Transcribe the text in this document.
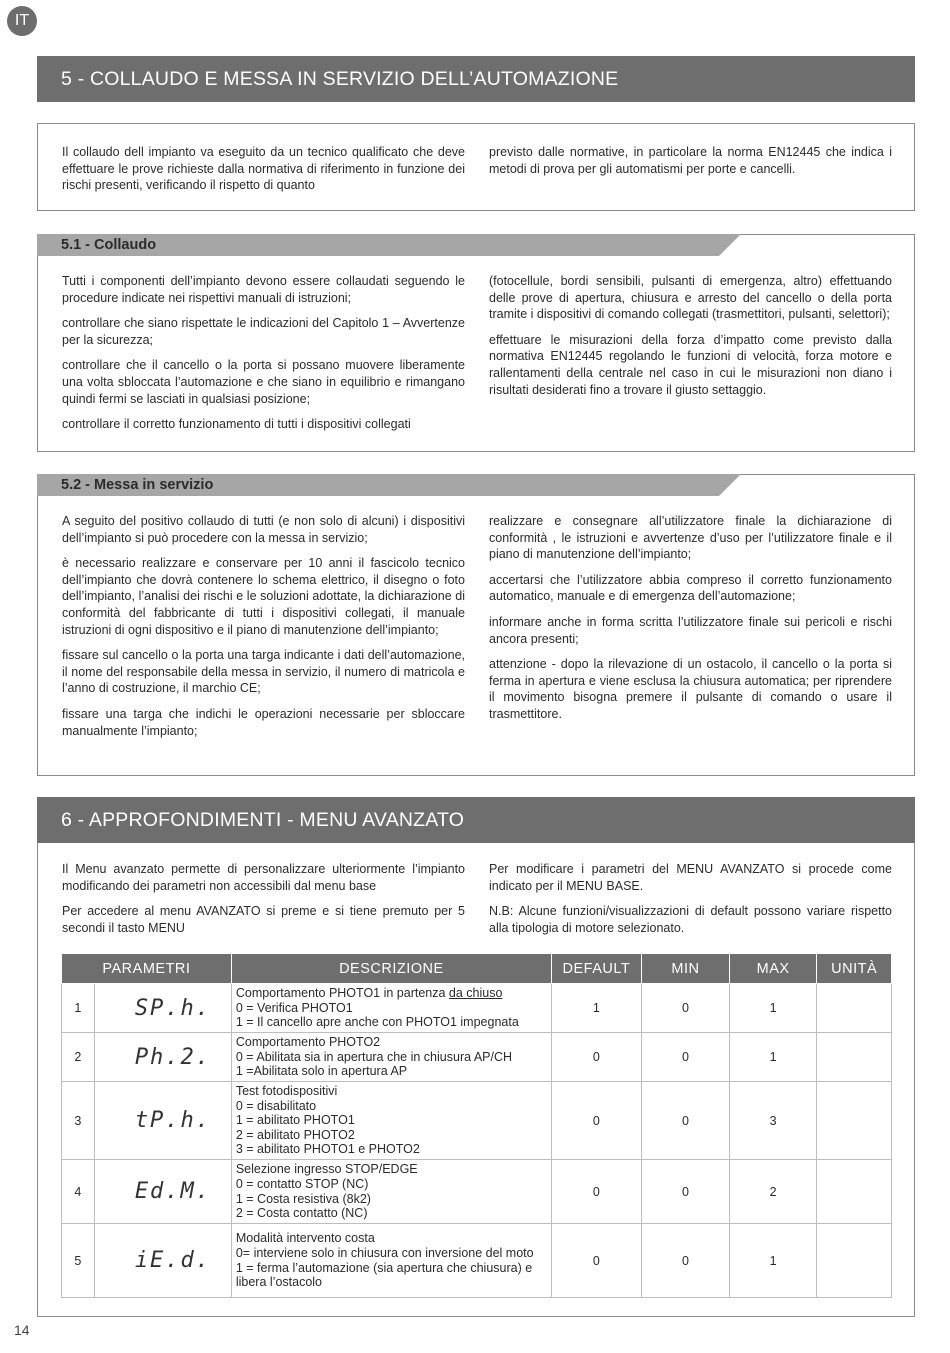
IT
5 - COLLAUDO E MESSA IN SERVIZIO DELL’AUTOMAZIONE

Il collaudo dell impianto va eseguito da un tecnico qualificato che deve effettuare le prove richieste dalla normativa di riferimento in funzione dei rischi presenti, verificando il rispetto di quanto

previsto dalle normative, in particolare la norma EN12445 che indica i metodi di prova per gli automatismi per porte e cancelli.

Tutti i componenti dell’impianto devono essere collaudati seguendo le procedure indicate nei rispettivi manuali di istruzioni;

controllare che siano rispettate le indicazioni del Capitolo 1 – Avvertenze per la sicurezza;

controllare che il cancello o la porta si possano muovere liberamente una volta sbloccata l’automazione e che siano in equilibrio e rimangano quindi fermi se lasciati in qualsiasi posizione;

controllare il corretto funzionamento di tutti i dispositivi collegati

(fotocellule, bordi sensibili, pulsanti di emergenza, altro) effettuando delle prove di apertura, chiusura e arresto del cancello o della porta tramite i dispositivi di comando collegati (trasmettitori, pulsanti, selettori);

effettuare le misurazioni della forza d’impatto come previsto dalla normativa EN12445 regolando le funzioni di velocità, forza motore e rallentamenti della centrale nel caso in cui le misurazioni non diano i risultati desiderati fino a trovare il giusto settaggio.

5.1 - Collaudo

A seguito del positivo collaudo di tutti (e non solo di alcuni) i dispositivi dell’impianto si può procedere con la messa in servizio;

è necessario realizzare e conservare per 10 anni il fascicolo tecnico dell’impianto che dovrà contenere lo schema elettrico, il disegno o foto dell’impianto, l’analisi dei rischi e le soluzioni adottate, la dichiarazione di conformità del fabbricante di tutti i dispositivi collegati, il manuale istruzioni di ogni dispositivo e il piano di manutenzione dell’impianto;

fissare sul cancello o la porta una targa indicante i dati dell’automazione, il nome del responsabile della messa in servizio, il numero di matricola e l’anno di costruzione, il marchio CE;

fissare una targa che indichi le operazioni necessarie per sbloccare manualmente l’impianto;

realizzare e consegnare all’utilizzatore finale la dichiarazione di conformità , le istruzioni e avvertenze d’uso per l’utilizzatore finale e il piano di manutenzione dell’impianto;

accertarsi che l’utilizzatore abbia compreso il corretto funzionamento automatico, manuale e di emergenza dell’automazione;

informare anche in forma scritta l’utilizzatore finale sui pericoli e rischi ancora presenti;

attenzione - dopo la rilevazione di un ostacolo, il cancello o la porta si ferma in apertura e viene esclusa la chiusura automatica; per riprendere il movimento bisogna premere il pulsante di comando o usare il trasmettitore.

5.2 - Messa in servizio

Il Menu avanzato permette di personalizzare ulteriormente l’impianto modificando dei parametri non accessibili dal menu base

Per accedere al menu AVANZATO si preme e si tiene premuto per 5 secondi il tasto MENU

Per modificare i parametri del MENU AVANZATO si procede come indicato per il MENU BASE.

N.B: Alcune funzioni/visualizzazioni di default possono variare rispetto alla tipologia di motore selezionato.

6 - APPROFONDIMENTI - MENU AVANZATO
PARAMETRI		DESCRIZIONE	DEFAULT	MIN	MAX	UNITÀ
1	SP.h.	Comportamento PHOTO1 in partenza da chiuso
0 = Verifica PHOTO1
1 = Il cancello apre anche con PHOTO1 impegnata	1	0	1	
2	Ph.2.	Comportamento PHOTO2
0 = Abilitata sia in apertura che in chiusura AP/CH
1 =Abilitata solo in apertura AP	0	0	1	
3	tP.h.	Test fotodispositivi
0 = disabilitato
1 = abilitato PHOTO1
2 = abilitato PHOTO2
3 = abilitato PHOTO1 e PHOTO2	0	0	3	
4	Ed.M.	Selezione ingresso STOP/EDGE
0 = contatto STOP (NC)
1 = Costa resistiva (8k2)
2 = Costa contatto (NC)	0	0	2	
5	iE.d.	Modalità intervento costa
0= interviene solo in chiusura con inversione del moto
1 = ferma l’automazione (sia apertura che chiusura) e libera l’ostacolo	0	0	1	
14
